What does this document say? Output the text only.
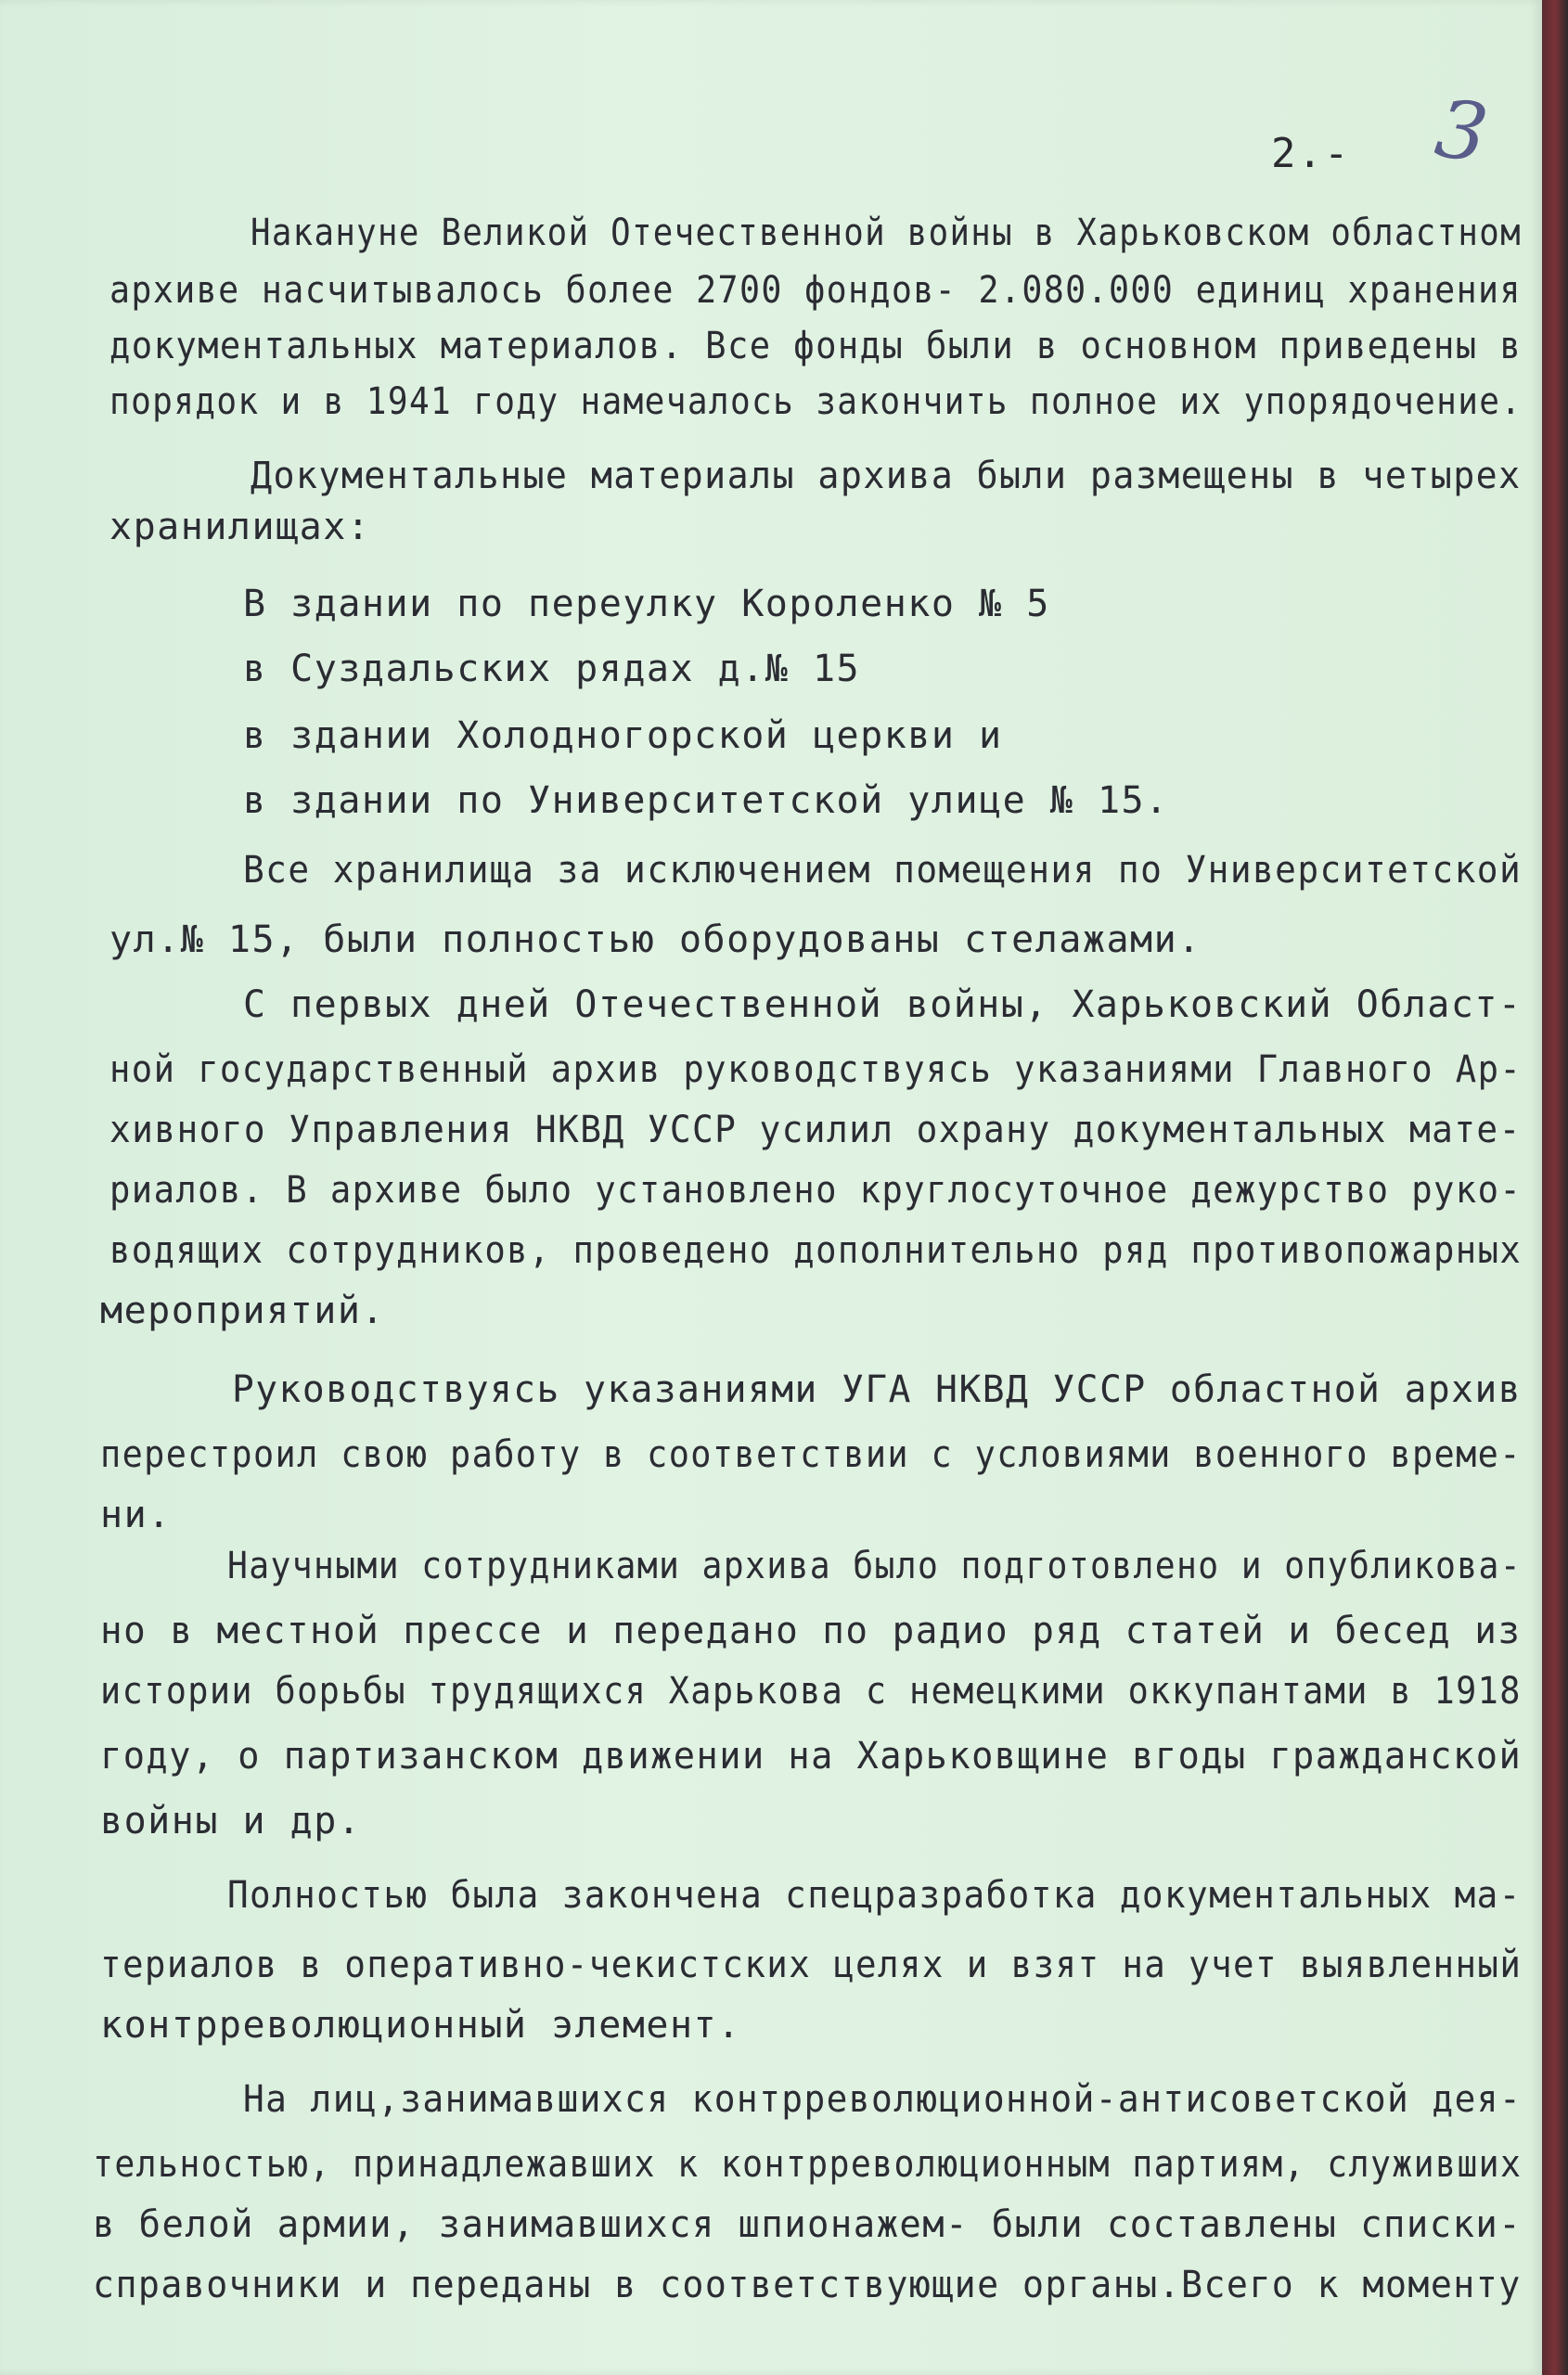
3
2.-
Накануне Великой Отечественной войны в Харьковском областном
архиве насчитывалось более 2700 фондов- 2.080.000 единиц хранения
документальных материалов. Все фонды были в основном приведены в
порядок и в 1941 году намечалось закончить полное их упорядочение.
Документальные материалы архива были размещены в четырех
хранилищах:
В здании по переулку Короленко № 5
в Суздальских рядах д.№ 15
в здании Холодногорской церкви и
в здании по Университетской улице № 15.
Все хранилища за исключением помещения по Университетской
ул.№ 15, были полностью оборудованы стелажами.
С первых дней Отечественной войны, Харьковский Област-
ной государственный архив руководствуясь указаниями Главного Ар-
хивного Управления НКВД УССР усилил охрану документальных мате-
риалов. В архиве было установлено круглосуточное дежурство руко-
водящих сотрудников, проведено дополнительно ряд противопожарных
мероприятий.
Руководствуясь указаниями УГА НКВД УССР областной архив
перестроил свою работу в соответствии с условиями военного време-
ни.
Научными сотрудниками архива было подготовлено и опубликова-
но в местной прессе и передано по радио ряд статей и бесед из
истории борьбы трудящихся Харькова с немецкими оккупантами в 1918
году, о партизанском движении на Харьковщине вгоды гражданской
войны и др.
Полностью была закончена спецразработка документальных ма-
териалов в оперативно-чекистских целях и взят на учет выявленный
контрреволюционный элемент.
На лиц,занимавшихся контрреволюционной-антисоветской дея-
тельностью, принадлежавших к контрреволюционным партиям, служивших
в белой армии, занимавшихся шпионажем- были составлены списки-
справочники и переданы в соответствующие органы.Всего к моменту
